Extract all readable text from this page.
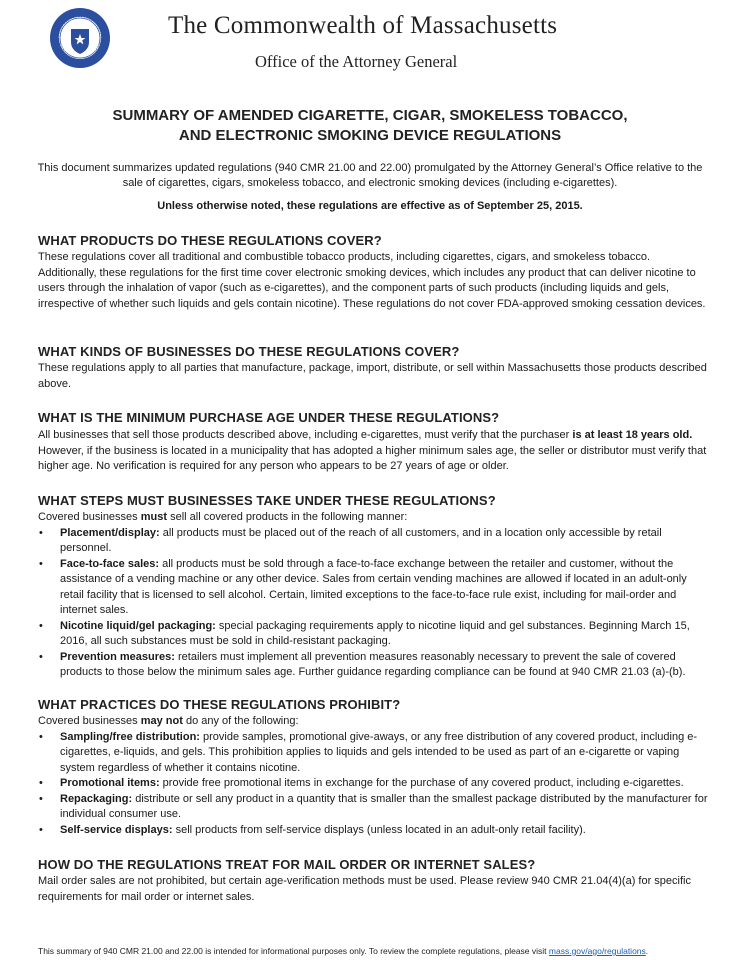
The Commonwealth of Massachusetts
Office of the Attorney General
SUMMARY OF AMENDED CIGARETTE, CIGAR, SMOKELESS TOBACCO,
AND ELECTRONIC SMOKING DEVICE REGULATIONS
This document summarizes updated regulations (940 CMR 21.00 and 22.00) promulgated by the Attorney General’s Office relative to the sale of cigarettes, cigars, smokeless tobacco, and electronic smoking devices (including e-cigarettes).
Unless otherwise noted, these regulations are effective as of September 25, 2015.
WHAT PRODUCTS DO THESE REGULATIONS COVER?

These regulations cover all traditional and combustible tobacco products, including cigarettes, cigars, and smokeless tobacco. Additionally, these regulations for the first time cover electronic smoking devices, which includes any product that can deliver nicotine to users through the inhalation of vapor (such as e-cigarettes), and the component parts of such products (including liquids and gels, irrespective of whether such liquids and gels contain nicotine). These regulations do not cover FDA-approved smoking cessation devices.

WHAT KINDS OF BUSINESSES DO THESE REGULATIONS COVER?

These regulations apply to all parties that manufacture, package, import, distribute, or sell within Massachusetts those products described above.

WHAT IS THE MINIMUM PURCHASE AGE UNDER THESE REGULATIONS?

All businesses that sell those products described above, including e-cigarettes, must verify that the purchaser is at least 18 years old. However, if the business is located in a municipality that has adopted a higher minimum sales age, the seller or distributor must verify that higher age. No verification is required for any person who appears to be 27 years of age or older.

WHAT STEPS MUST BUSINESSES TAKE UNDER THESE REGULATIONS?

Covered businesses must sell all covered products in the following manner:

• Placement/display: all products must be placed out of the reach of all customers, and in a location only accessible by retail personnel.
• Face-to-face sales: all products must be sold through a face-to-face exchange between the retailer and customer, without the assistance of a vending machine or any other device. Sales from certain vending machines are allowed if located in an adult-only retail facility that is licensed to sell alcohol. Certain, limited exceptions to the face-to-face rule exist, including for mail-order and internet sales.
• Nicotine liquid/gel packaging: special packaging requirements apply to nicotine liquid and gel substances. Beginning March 15, 2016, all such substances must be sold in child-resistant packaging.
• Prevention measures: retailers must implement all prevention measures reasonably necessary to prevent the sale of covered products to those below the minimum sales age. Further guidance regarding compliance can be found at 940 CMR 21.03 (a)-(b).
WHAT PRACTICES DO THESE REGULATIONS PROHIBIT?

Covered businesses may not do any of the following:

• Sampling/free distribution: provide samples, promotional give-aways, or any free distribution of any covered product, including e-cigarettes, e-liquids, and gels. This prohibition applies to liquids and gels intended to be used as part of an e-cigarette or vaping system regardless of whether it contains nicotine.
• Promotional items: provide free promotional items in exchange for the purchase of any covered product, including e-cigarettes.
• Repackaging: distribute or sell any product in a quantity that is smaller than the smallest package distributed by the manufacturer for individual consumer use.
• Self-service displays: sell products from self-service displays (unless located in an adult-only retail facility).
HOW DO THE REGULATIONS TREAT FOR MAIL ORDER OR INTERNET SALES?

Mail order sales are not prohibited, but certain age-verification methods must be used. Please review 940 CMR 21.04(4)(a) for specific requirements for mail order or internet sales.

This summary of 940 CMR 21.00 and 22.00 is intended for informational purposes only. To review the complete regulations, please visit mass.gov/ago/regulations.
